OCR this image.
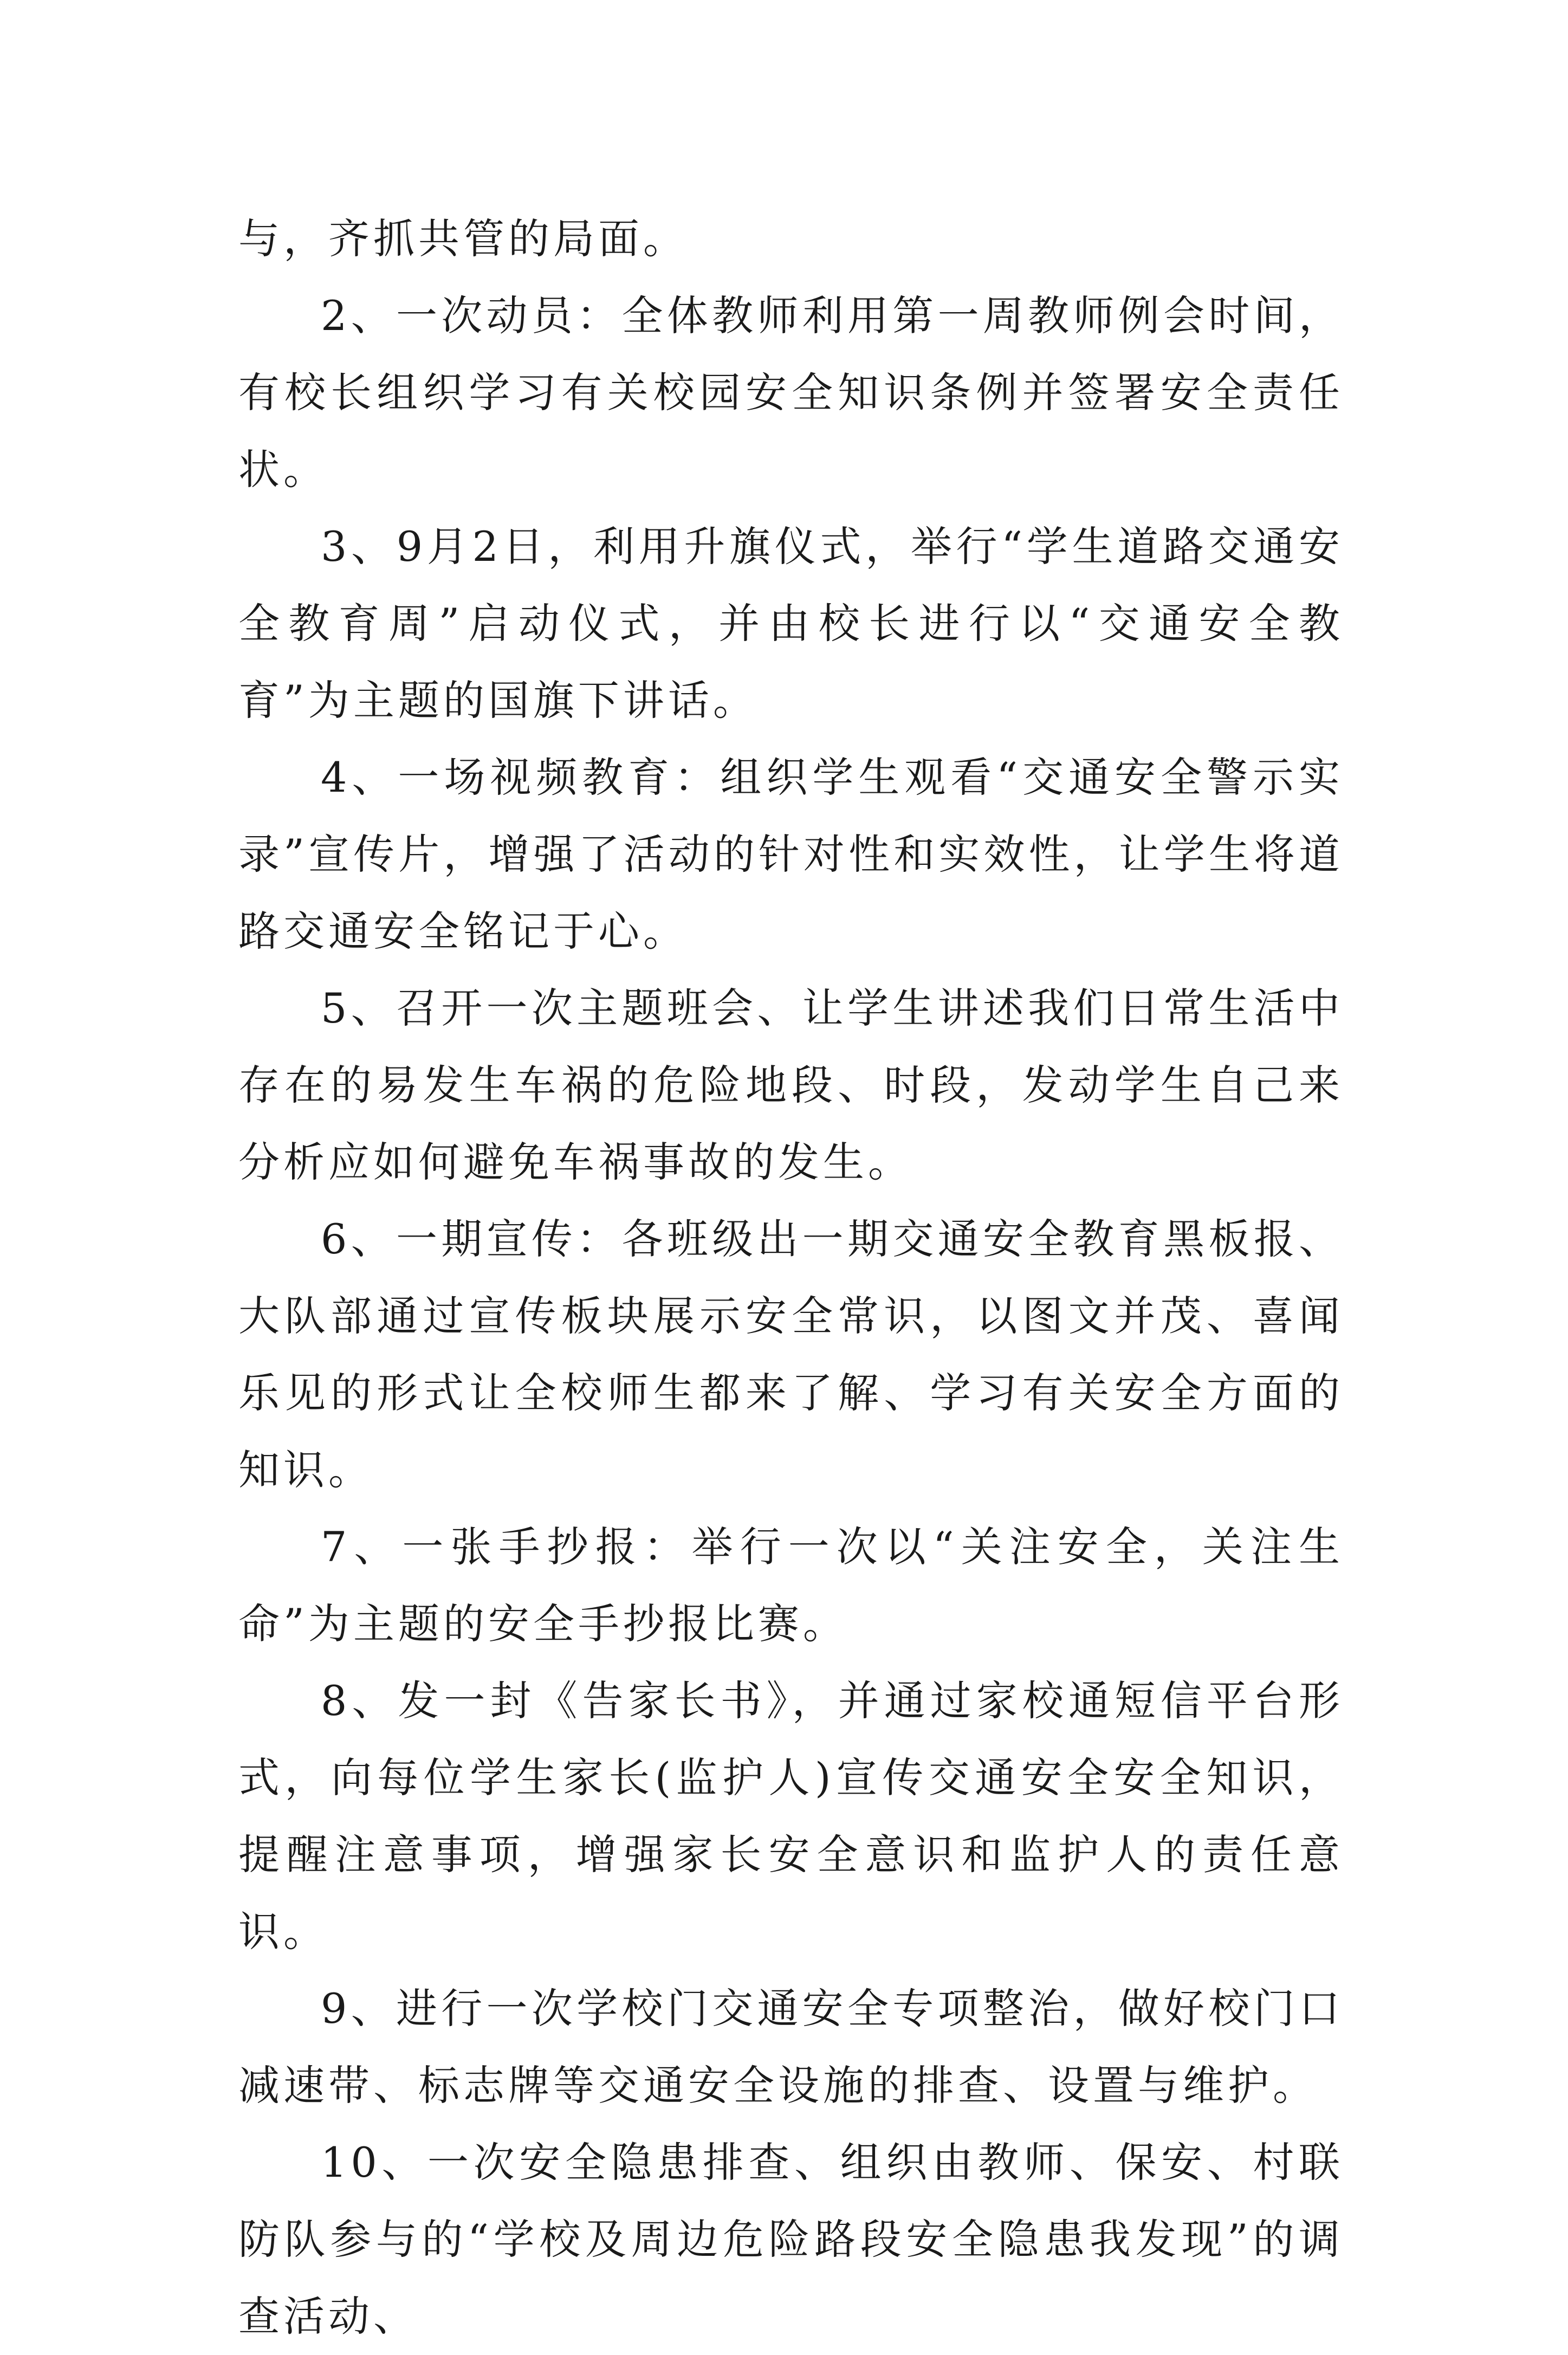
与，齐抓共管的局面。

2、一次动员：全体教师利用第一周教师例会时间，有校长组织学习有关校园安全知识条例并签署安全责任状。

3、9月2日，利用升旗仪式，举行“学生道路交通安全教育周”启动仪式，并由校长进行以“交通安全教育”为主题的国旗下讲话。

4、一场视频教育：组织学生观看“交通安全警示实录”宣传片，增强了活动的针对性和实效性，让学生将道路交通安全铭记于心。

5、召开一次主题班会、让学生讲述我们日常生活中存在的易发生车祸的危险地段、时段，发动学生自己来分析应如何避免车祸事故的发生。

6、一期宣传：各班级出一期交通安全教育黑板报、大队部通过宣传板块展示安全常识，以图文并茂、喜闻乐见的形式让全校师生都来了解、学习有关安全方面的知识。

7、一张手抄报：举行一次以“关注安全，关注生命”为主题的安全手抄报比赛。

8、发一封《告家长书》，并通过家校通短信平台形式，向每位学生家长(监护人)宣传交通安全安全知识，提醒注意事项，增强家长安全意识和监护人的责任意识。

9、进行一次学校门交通安全专项整治，做好校门口减速带、标志牌等交通安全设施的排查、设置与维护。

10、一次安全隐患排查、组织由教师、保安、村联防队参与的“学校及周边危险路段安全隐患我发现”的调查活动、
